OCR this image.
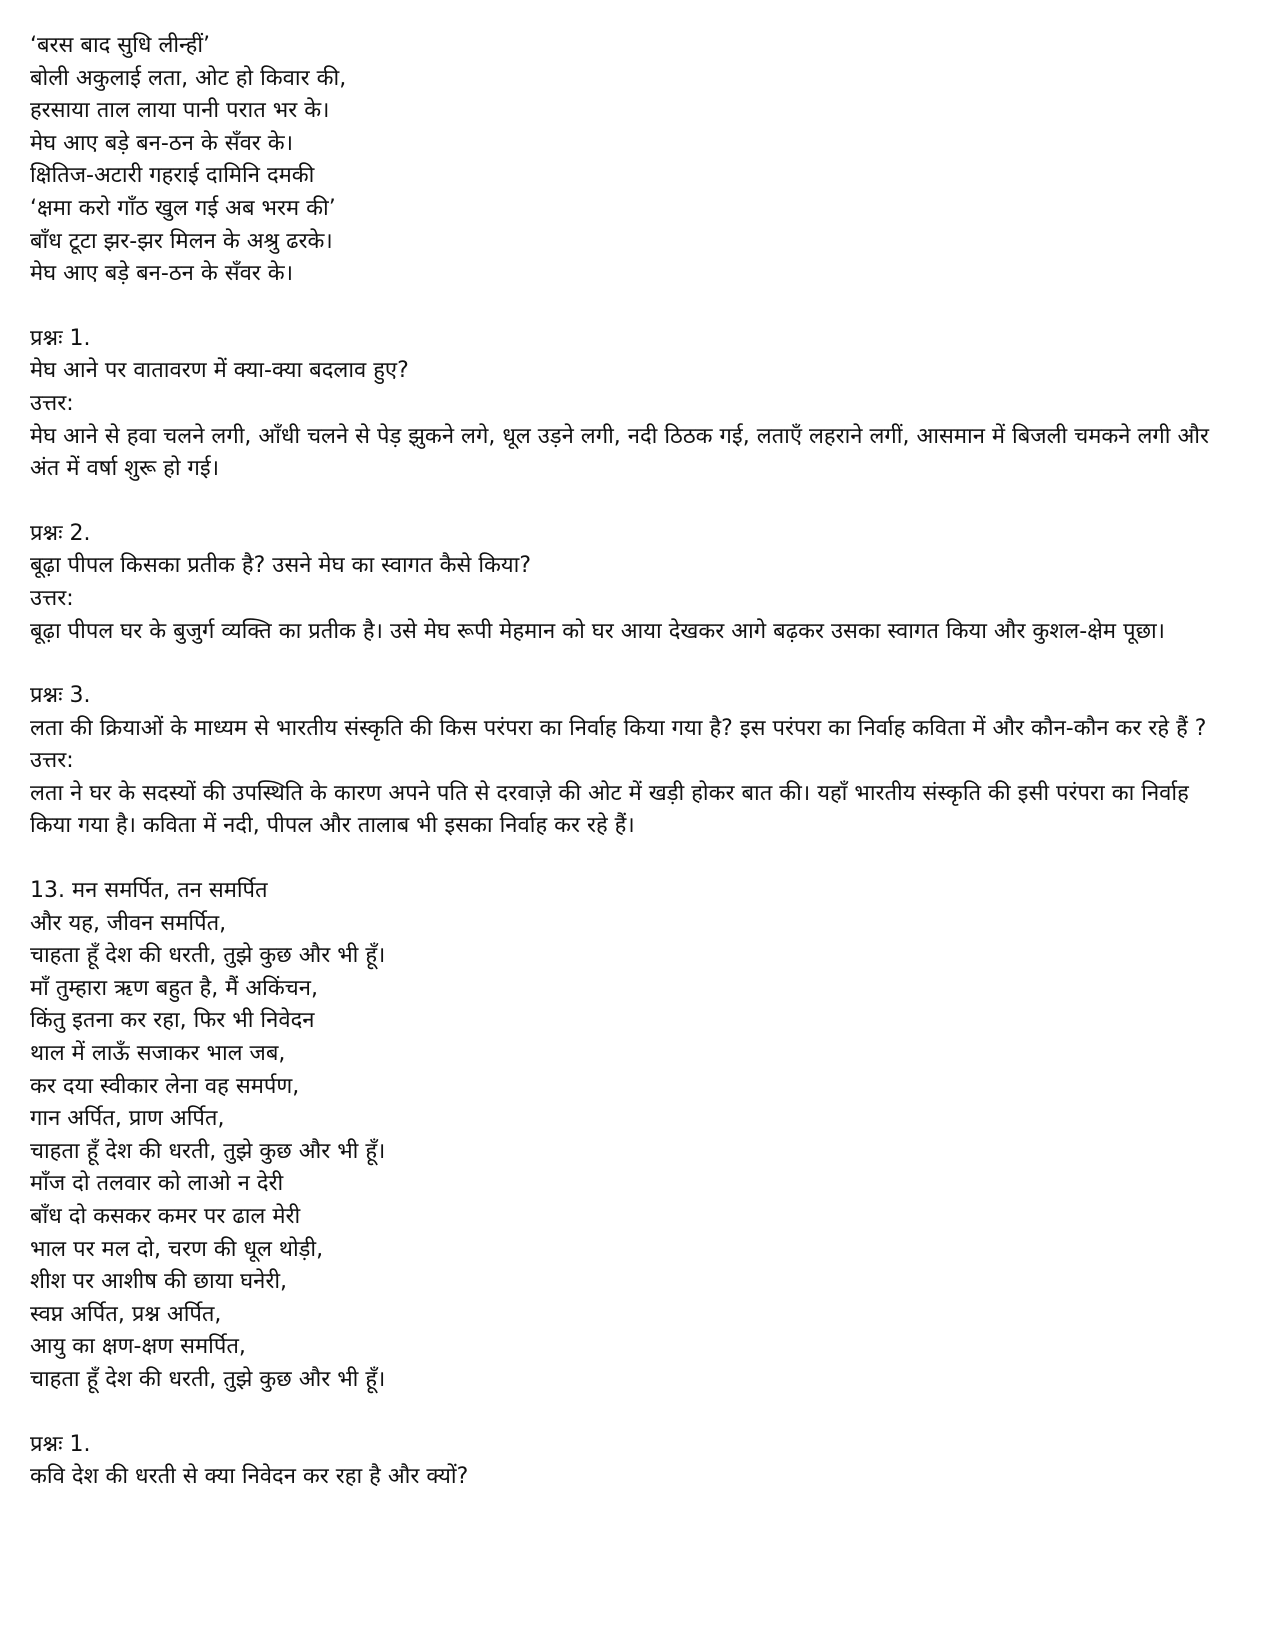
‘बरस बाद सुधि लीन्हीं’
बोली अकुलाई लता, ओट हो किवार की,
हरसाया ताल लाया पानी परात भर के।
मेघ आए बड़े बन-ठन के सँवर के।
क्षितिज-अटारी गहराई दामिनि दमकी
‘क्षमा करो गाँठ खुल गई अब भरम की’
बाँध टूटा झर-झर मिलन के अश्रु ढरके।
मेघ आए बड़े बन-ठन के सँवर के।
प्रश्नः 1.
मेघ आने पर वातावरण में क्या-क्या बदलाव हुए?
उत्तर:
मेघ आने से हवा चलने लगी, आँधी चलने से पेड़ झुकने लगे, धूल उड़ने लगी, नदी ठिठक गई, लताएँ लहराने लगीं, आसमान में बिजली चमकने लगी और अंत में वर्षा शुरू हो गई।
प्रश्नः 2.
बूढ़ा पीपल किसका प्रतीक है? उसने मेघ का स्वागत कैसे किया?
उत्तर:
बूढ़ा पीपल घर के बुजुर्ग व्यक्ति का प्रतीक है। उसे मेघ रूपी मेहमान को घर आया देखकर आगे बढ़कर उसका स्वागत किया और कुशल-क्षेम पूछा।
प्रश्नः 3.
लता की क्रियाओं के माध्यम से भारतीय संस्कृति की किस परंपरा का निर्वाह किया गया है? इस परंपरा का निर्वाह कविता में और कौन-कौन कर रहे हैं ?
उत्तर:
लता ने घर के सदस्यों की उपस्थिति के कारण अपने पति से दरवाज़े की ओट में खड़ी होकर बात की। यहाँ भारतीय संस्कृति की इसी परंपरा का निर्वाह किया गया है। कविता में नदी, पीपल और तालाब भी इसका निर्वाह कर रहे हैं।
13. मन समर्पित, तन समर्पित
और यह, जीवन समर्पित,
चाहता हूँ देश की धरती, तुझे कुछ और भी हूँ।
माँ तुम्हारा ऋण बहुत है, मैं अकिंचन,
किंतु इतना कर रहा, फिर भी निवेदन
थाल में लाऊँ सजाकर भाल जब,
कर दया स्वीकार लेना वह समर्पण,
गान अर्पित, प्राण अर्पित,
चाहता हूँ देश की धरती, तुझे कुछ और भी हूँ।
माँज दो तलवार को लाओ न देरी
बाँध दो कसकर कमर पर ढाल मेरी
भाल पर मल दो, चरण की धूल थोड़ी,
शीश पर आशीष की छाया घनेरी,
स्वप्न अर्पित, प्रश्न अर्पित,
आयु का क्षण-क्षण समर्पित,
चाहता हूँ देश की धरती, तुझे कुछ और भी हूँ।
प्रश्नः 1.
कवि देश की धरती से क्या निवेदन कर रहा है और क्यों?
